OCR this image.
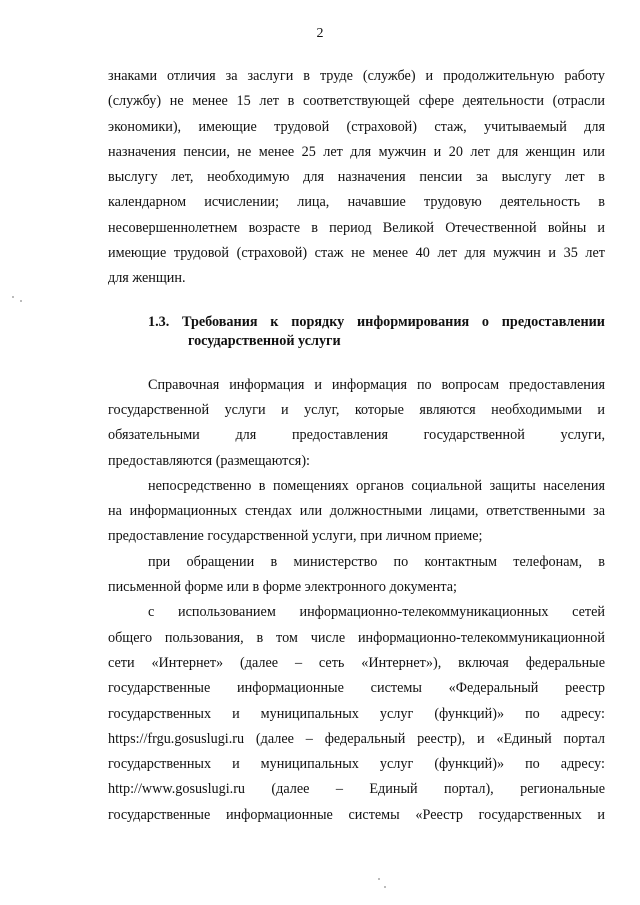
2
знаками отличия за заслуги в труде (службе) и продолжительную работу
(службу) не менее 15 лет в соответствующей сфере деятельности (отрасли
экономики), имеющие трудовой (страховой) стаж, учитываемый для
назначения пенсии, не менее 25 лет для мужчин и 20 лет для женщин или
выслугу лет, необходимую для назначения пенсии за выслугу лет в
календарном исчислении; лица, начавшие трудовую деятельность в
несовершеннолетнем возрасте в период Великой Отечественной войны и
имеющие трудовой (страховой) стаж не менее 40 лет для мужчин и 35 лет
для женщин.
1.3. Требования к порядку информирования о предоставлении
государственной услуги
Справочная информация и информация по вопросам предоставления
государственной услуги и услуг, которые являются необходимыми и
обязательными для предоставления государственной услуги,
предоставляются (размещаются):
непосредственно в помещениях органов социальной защиты населения
на информационных стендах или должностными лицами, ответственными за
предоставление государственной услуги, при личном приеме;
при обращении в министерство по контактным телефонам, в
письменной форме или в форме электронного документа;
с использованием информационно-телекоммуникационных сетей
общего пользования, в том числе информационно-телекоммуникационной
сети «Интернет» (далее – сеть «Интернет»), включая федеральные
государственные информационные системы «Федеральный реестр
государственных и муниципальных услуг (функций)» по адресу:
https://frgu.gosuslugi.ru (далее – федеральный реестр), и «Единый портал
государственных и муниципальных услуг (функций)» по адресу:
http://www.gosuslugi.ru (далее – Единый портал), региональные
государственные информационные системы «Реестр государственных и
